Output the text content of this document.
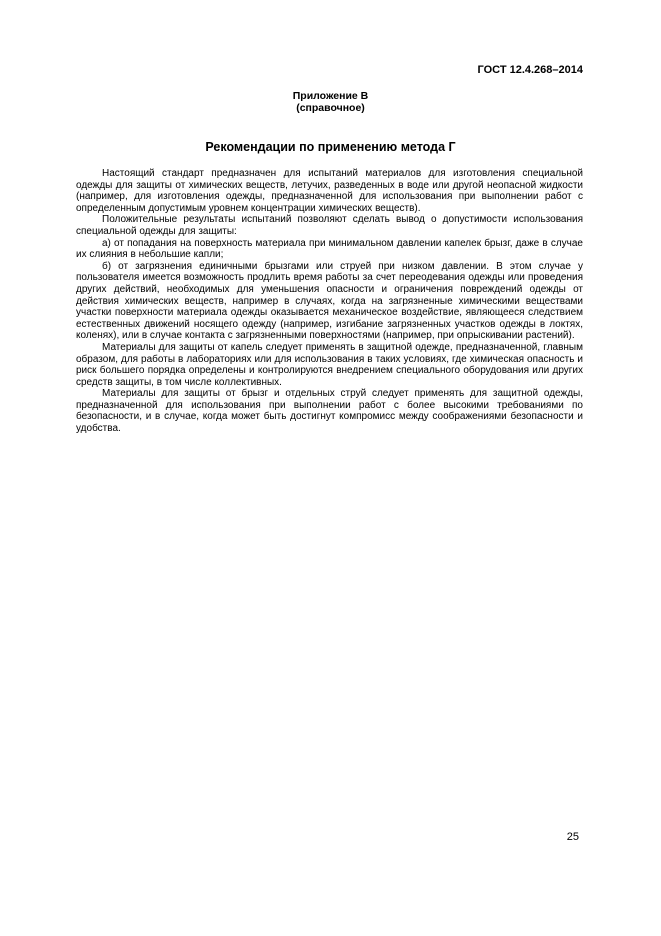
ГОСТ 12.4.268–2014
Приложение В
(справочное)
Рекомендации по применению метода Г

Настоящий стандарт предназначен для испытаний материалов для изготовления специальной одежды для защиты от химических веществ, летучих, разведенных в воде или другой неопасной жидкости (например, для изготовления одежды, предназначенной для использования при выполнении работ с определенным допустимым уровнем концентрации химических веществ).

Положительные результаты испытаний позволяют сделать вывод о допустимости использования специальной одежды для защиты:

а) от попадания на поверхность материала при минимальном давлении капелек брызг, даже в случае их слияния в небольшие капли;

б) от загрязнения единичными брызгами или струей при низком давлении. В этом случае у пользователя имеется возможность продлить время работы за счет переодевания одежды или проведения других действий, необходимых для уменьшения опасности и ограничения повреждений одежды от действия химических веществ, например в случаях, когда на загрязненные химическими веществами участки поверхности материала одежды оказывается механическое воздействие, являющееся следствием естественных движений носящего одежду (например, изгибание загрязненных участков одежды в локтях, коленях), или в случае контакта с загрязненными поверхностями (например, при опрыскивании растений).

Материалы для защиты от капель следует применять в защитной одежде, предназначенной, главным образом, для работы в лабораториях или для использования в таких условиях, где химическая опасность и риск большего порядка определены и контролируются внедрением специального оборудования или других средств защиты, в том числе коллективных.

Материалы для защиты от брызг и отдельных струй следует применять для защитной одежды, предназначенной для использования при выполнении работ с более высокими требованиями по безопасности, и в случае, когда может быть достигнут компромисс между соображениями безопасности и удобства.

25
